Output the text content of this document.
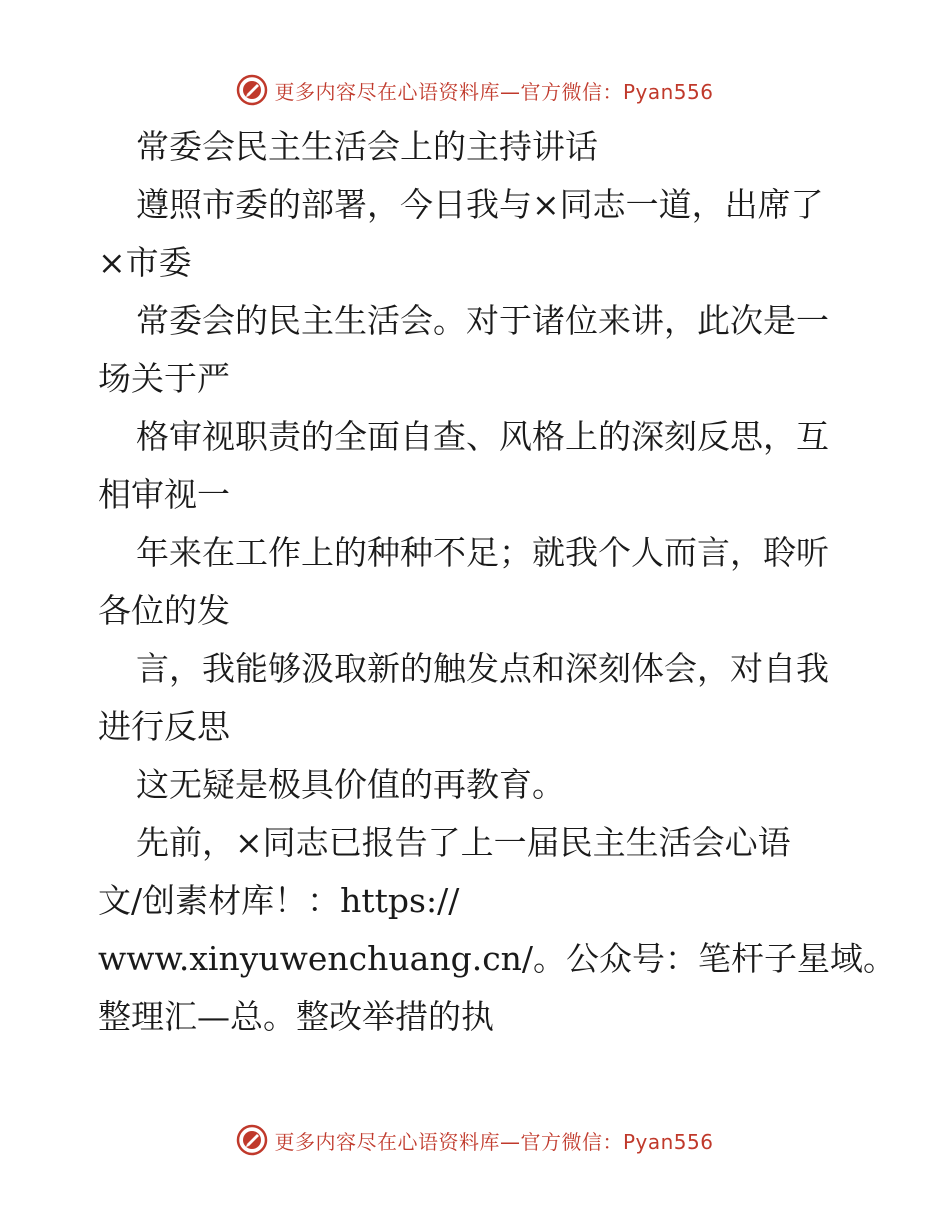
更多内容尽在心语资料库—官方微信：Pyan556

常委会民主生活会上的主持讲话

遵照市委的部署，今日我与×同志一道，出席了

×市委

常委会的民主生活会。对于诸位来讲，此次是一

场关于严

格审视职责的全面自查、风格上的深刻反思，互

相审视一

年来在工作上的种种不足；就我个人而言，聆听

各位的发

言，我能够汲取新的触发点和深刻体会，对自我

进行反思

这无疑是极具价值的再教育。

先前，×同志已报告了上一届民主生活会心语

文/创素材库！：https://

www.xinyuwenchuang.cn/。公众号：笔杆子星域。

整理汇—总。整改举措的执

更多内容尽在心语资料库—官方微信：Pyan556
